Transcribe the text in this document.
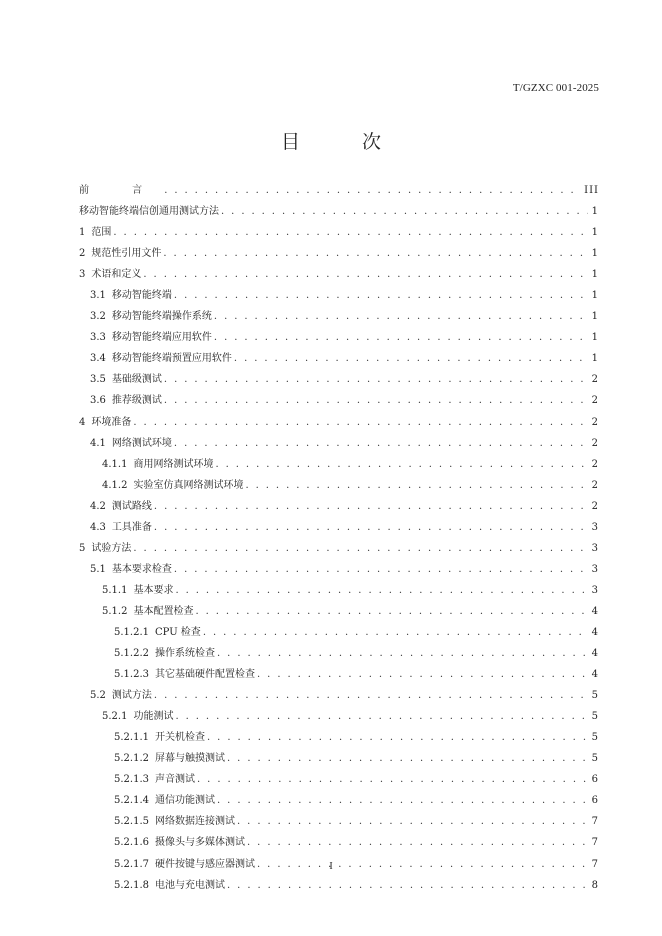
T/GZXC 001-2025
目 次
前 言 . . .	III
移动智能终端信创通用测试方法 . . .	1
1 范围 . . .	1
2 规范性引用文件 . . .	1
3 术语和定义 . . .	1
3.1 移动智能终端 . . .	1
3.2 移动智能终端操作系统 . . .	1
3.3 移动智能终端应用软件 . . .	1
3.4 移动智能终端预置应用软件 . . .	1
3.5 基础级测试 . . .	2
3.6 推荐级测试 . . .	2
4 环境准备 . . .	2
4.1 网络测试环境 . . .	2
4.1.1 商用网络测试环境 . . .	2
4.1.2 实验室仿真网络测试环境 . . .	2
4.2 测试路线 . . .	2
4.3 工具准备 . . .	3
5 试验方法 . . .	3
5.1 基本要求检查 . . .	3
5.1.1 基本要求 . . .	3
5.1.2 基本配置检查 . . .	4
5.1.2.1 CPU 检查 . . .	4
5.1.2.2 操作系统检查 . . .	4
5.1.2.3 其它基础硬件配置检查 . . .	4
5.2 测试方法 . . .	5
5.2.1 功能测试 . . .	5
5.2.1.1 开关机检查 . . .	5
5.2.1.2 屏幕与触摸测试 . . .	5
5.2.1.3 声音测试 . . .	6
5.2.1.4 通信功能测试 . . .	6
5.2.1.5 网络数据连接测试 . . .	7
5.2.1.6 摄像头与多媒体测试 . . .	7
5.2.1.7 硬件按键与感应器测试 . . .	7
5.2.1.8 电池与充电测试 . . .	8
I
